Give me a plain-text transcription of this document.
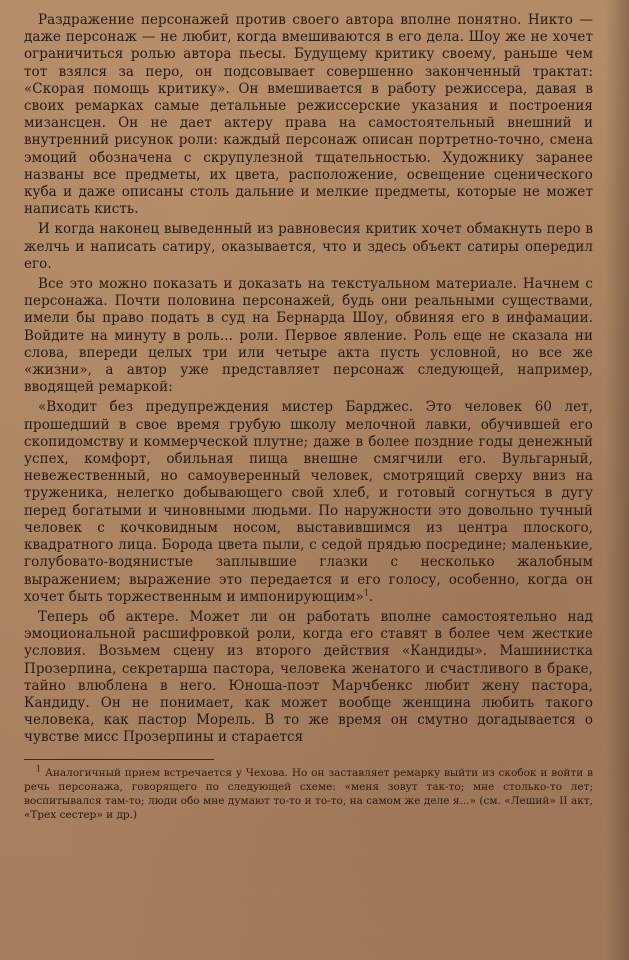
Раздражение персонажей против своего автора вполне понятно. Никто — даже персонаж — не любит, когда вмешиваются в его дела. Шоу же не хочет ограничиться ролью автора пьесы. Будущему критику своему, раньше чем тот взялся за перо, он подсовывает совершенно законченный трактат: «Скорая помощь критику». Он вмешивается в работу режиссера, давая в своих ремарках самые детальные режиссерские указания и построения мизансцен. Он не дает актеру права на самостоятельный внешний и внутренний рисунок роли: каждый персонаж описан портретно-точно, смена эмоций обозначена с скрупулезной тщательностью. Художнику заранее названы все предметы, их цвета, расположение, освещение сценического куба и даже описаны столь дальние и мелкие предметы, которые не может написать кисть.

И когда наконец выведенный из равновесия критик хочет обмакнуть перо в желчь и написать сатиру, оказывается, что и здесь объект сатиры опередил его.

Все это можно показать и доказать на текстуальном материале. Начнем с персонажа. Почти половина персонажей, будь они реальными существами, имели бы право подать в суд на Бернарда Шоу, обвиняя его в инфамации. Войдите на минуту в роль... роли. Первое явление. Роль еще не сказала ни слова, впереди целых три или четыре акта пусть условной, но все же «жизни», а автор уже представляет персонаж следующей, например, вводящей ремаркой:

«Входит без предупреждения мистер Барджес. Это человек 60 лет, прошедший в свое время грубую школу мелочной лавки, обучившей его скопидомству и коммерческой плутне; даже в более поздние годы денежный успех, комфорт, обильная пища внешне смягчили его. Вульгарный, невежественный, но самоуверенный человек, смотрящий сверху вниз на труженика, нелегко добывающего свой хлеб, и готовый согнуться в дугу перед богатыми и чиновными людьми. По наружности это довольно тучный человек с кочковидным носом, выставившимся из центра плоского, квадратного лица. Борода цвета пыли, с седой прядью посредине; маленькие, голубовато-водянистые заплывшие глазки с несколько жалобным выражением; выражение это передается и его голосу, особенно, когда он хочет быть торжественным и импонирующим»$^1$.

Теперь об актере. Может ли он работать вполне самостоятельно над эмоциональной расшифровкой роли, когда его ставят в более чем жесткие условия. Возьмем сцену из второго действия «Кандиды». Машинистка Прозерпина, секретарша пастора, человека женатого и счастливого в браке, тайно влюблена в него. Юноша-поэт Марчбенкс любит жену пастора, Кандиду. Он не понимает, как может вообще женщина любить такого человека, как пастор Морель. В то же время он смутно догадывается о чувстве мисс Прозерпины и старается

$^1$ Аналогичный прием встречается у Чехова. Но он заставляет ремарку выйти из скобок и войти в речь персонажа, говорящего по следующей схеме: «меня зовут так-то; мне столько-то лет; воспитывался там-то; люди обо мне думают то-то и то-то, на самом же деле я...» (см. «Леший» II акт, «Трех сестер» и др.)
